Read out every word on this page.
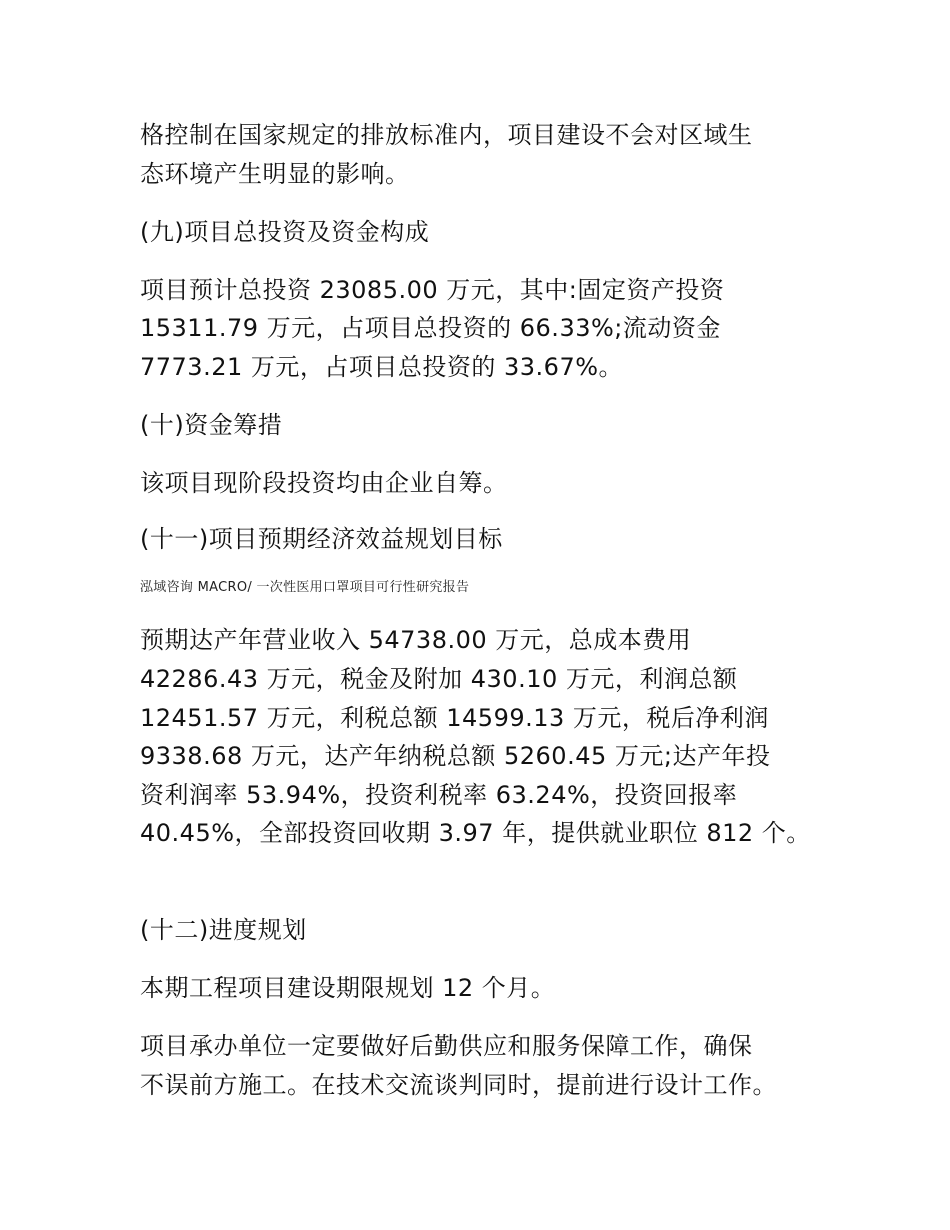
格控制在国家规定的排放标准内，项目建设不会对区域生
态环境产生明显的影响。
(九)项目总投资及资金构成
项目预计总投资 23085.00 万元，其中:固定资产投资
15311.79 万元，占项目总投资的 66.33%;流动资金
7773.21 万元，占项目总投资的 33.67%。
(十)资金筹措
该项目现阶段投资均由企业自筹。
(十一)项目预期经济效益规划目标
泓域咨询 MACRO/ 一次性医用口罩项目可行性研究报告
预期达产年营业收入 54738.00 万元，总成本费用
42286.43 万元，税金及附加 430.10 万元，利润总额
12451.57 万元，利税总额 14599.13 万元，税后净利润
9338.68 万元，达产年纳税总额 5260.45 万元;达产年投
资利润率 53.94%，投资利税率 63.24%，投资回报率
40.45%，全部投资回收期 3.97 年，提供就业职位 812 个。
(十二)进度规划
本期工程项目建设期限规划 12 个月。
项目承办单位一定要做好后勤供应和服务保障工作，确保
不误前方施工。在技术交流谈判同时，提前进行设计工作。
